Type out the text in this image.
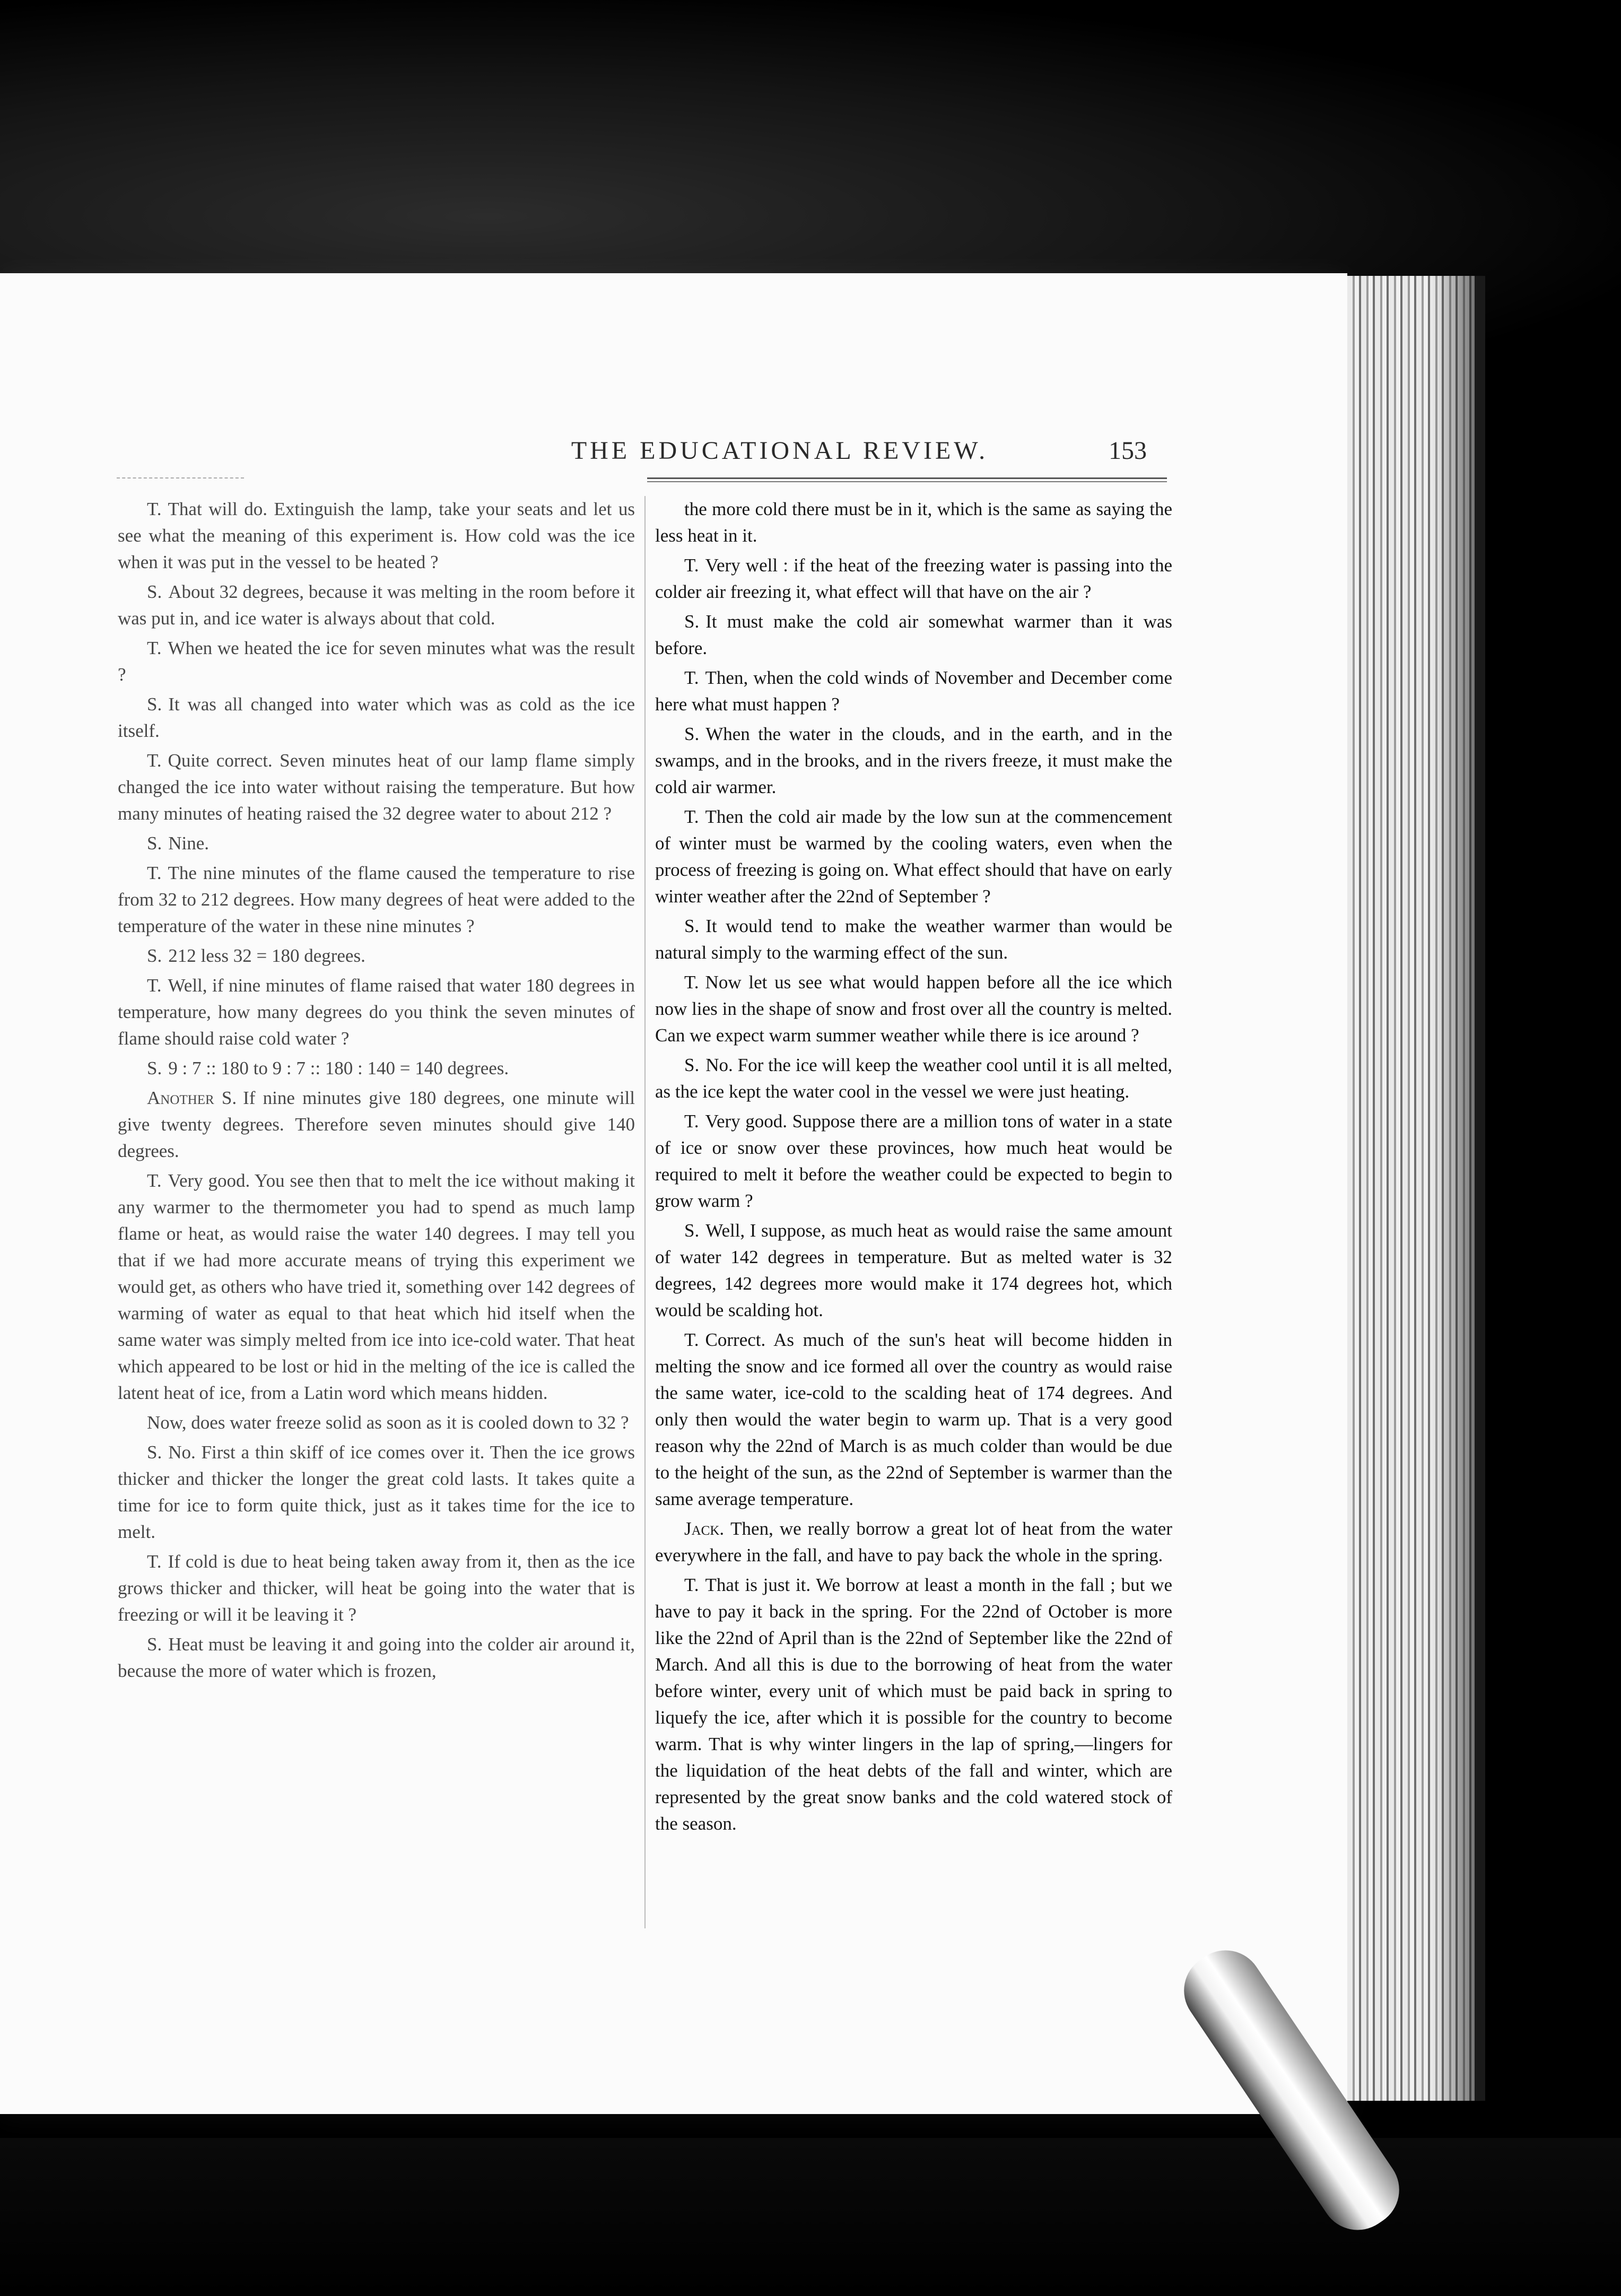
THE EDUCATIONAL REVIEW.	153

T. That will do. Extinguish the lamp, take your seats and let us see what the meaning of this experiment is. How cold was the ice when it was put in the vessel to be heated ?

S. About 32 degrees, because it was melting in the room before it was put in, and ice water is always about that cold.

T. When we heated the ice for seven minutes what was the result ?

S. It was all changed into water which was as cold as the ice itself.

T. Quite correct. Seven minutes heat of our lamp flame simply changed the ice into water without raising the temperature. But how many minutes of heating raised the 32 degree water to about 212 ?

S. Nine.

T. The nine minutes of the flame caused the temperature to rise from 32 to 212 degrees. How many degrees of heat were added to the temperature of the water in these nine minutes ?

S. 212 less 32 = 180 degrees.

T. Well, if nine minutes of flame raised that water 180 degrees in temperature, how many degrees do you think the seven minutes of flame should raise cold water ?

S. 9 : 7 :: 180 to 9 : 7 :: 180 : 140 = 140 degrees.

Another S. If nine minutes give 180 degrees, one minute will give twenty degrees. Therefore seven minutes should give 140 degrees.

T. Very good. You see then that to melt the ice without making it any warmer to the thermometer you had to spend as much lamp flame or heat, as would raise the water 140 degrees. I may tell you that if we had more accurate means of trying this experiment we would get, as others who have tried it, something over 142 degrees of warming of water as equal to that heat which hid itself when the same water was simply melted from ice into ice-cold water. That heat which appeared to be lost or hid in the melting of the ice is called the latent heat of ice, from a Latin word which means hidden.

Now, does water freeze solid as soon as it is cooled down to 32 ?

S. No. First a thin skiff of ice comes over it. Then the ice grows thicker and thicker the longer the great cold lasts. It takes quite a time for ice to form quite thick, just as it takes time for the ice to melt.

T. If cold is due to heat being taken away from it, then as the ice grows thicker and thicker, will heat be going into the water that is freezing or will it be leaving it ?

S. Heat must be leaving it and going into the colder air around it, because the more of water which is frozen,

the more cold there must be in it, which is the same as saying the less heat in it.

T. Very well : if the heat of the freezing water is passing into the colder air freezing it, what effect will that have on the air ?

S. It must make the cold air somewhat warmer than it was before.

T. Then, when the cold winds of November and December come here what must happen ?

S. When the water in the clouds, and in the earth, and in the swamps, and in the brooks, and in the rivers freeze, it must make the cold air warmer.

T. Then the cold air made by the low sun at the commencement of winter must be warmed by the cooling waters, even when the process of freezing is going on. What effect should that have on early winter weather after the 22nd of September ?

S. It would tend to make the weather warmer than would be natural simply to the warming effect of the sun.

T. Now let us see what would happen before all the ice which now lies in the shape of snow and frost over all the country is melted. Can we expect warm summer weather while there is ice around ?

S. No. For the ice will keep the weather cool until it is all melted, as the ice kept the water cool in the vessel we were just heating.

T. Very good. Suppose there are a million tons of water in a state of ice or snow over these provinces, how much heat would be required to melt it before the weather could be expected to begin to grow warm ?

S. Well, I suppose, as much heat as would raise the same amount of water 142 degrees in temperature. But as melted water is 32 degrees, 142 degrees more would make it 174 degrees hot, which would be scalding hot.

T. Correct. As much of the sun's heat will become hidden in melting the snow and ice formed all over the country as would raise the same water, ice-cold to the scalding heat of 174 degrees. And only then would the water begin to warm up. That is a very good reason why the 22nd of March is as much colder than would be due to the height of the sun, as the 22nd of September is warmer than the same average temperature.

Jack. Then, we really borrow a great lot of heat from the water everywhere in the fall, and have to pay back the whole in the spring.

T. That is just it. We borrow at least a month in the fall ; but we have to pay it back in the spring. For the 22nd of October is more like the 22nd of April than is the 22nd of September like the 22nd of March. And all this is due to the borrowing of heat from the water before winter, every unit of which must be paid back in spring to liquefy the ice, after which it is possible for the country to become warm. That is why winter lingers in the lap of spring,—lingers for the liquidation of the heat debts of the fall and winter, which are represented by the great snow banks and the cold watered stock of the season.
